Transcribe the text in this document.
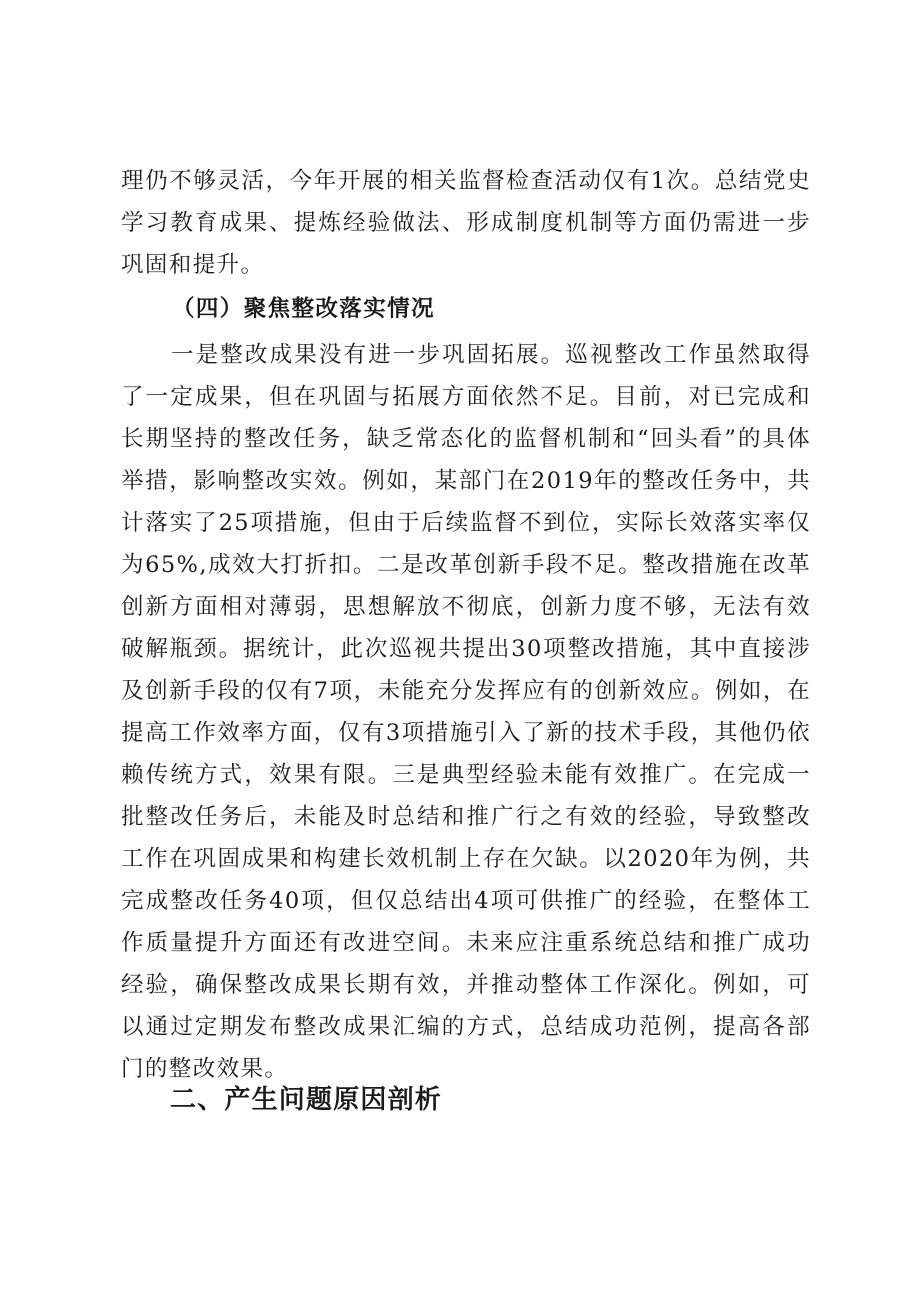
理仍不够灵活，今年开展的相关监督检查活动仅有1次。总结党史学习教育成果、提炼经验做法、形成制度机制等方面仍需进一步巩固和提升。

（四）聚焦整改落实情况

一是整改成果没有进一步巩固拓展。巡视整改工作虽然取得了一定成果，但在巩固与拓展方面依然不足。目前，对已完成和长期坚持的整改任务，缺乏常态化的监督机制和“回头看”的具体举措，影响整改实效。例如，某部门在2019年的整改任务中，共计落实了25项措施，但由于后续监督不到位，实际长效落实率仅为65%,成效大打折扣。二是改革创新手段不足。整改措施在改革创新方面相对薄弱，思想解放不彻底，创新力度不够，无法有效破解瓶颈。据统计，此次巡视共提出30项整改措施，其中直接涉及创新手段的仅有7项，未能充分发挥应有的创新效应。例如，在提高工作效率方面，仅有3项措施引入了新的技术手段，其他仍依赖传统方式，效果有限。三是典型经验未能有效推广。在完成一批整改任务后，未能及时总结和推广行之有效的经验，导致整改工作在巩固成果和构建长效机制上存在欠缺。以2020年为例，共完成整改任务40项，但仅总结出4项可供推广的经验，在整体工作质量提升方面还有改进空间。未来应注重系统总结和推广成功经验，确保整改成果长期有效，并推动整体工作深化。例如，可以通过定期发布整改成果汇编的方式，总结成功范例，提高各部门的整改效果。

二、产生问题原因剖析
